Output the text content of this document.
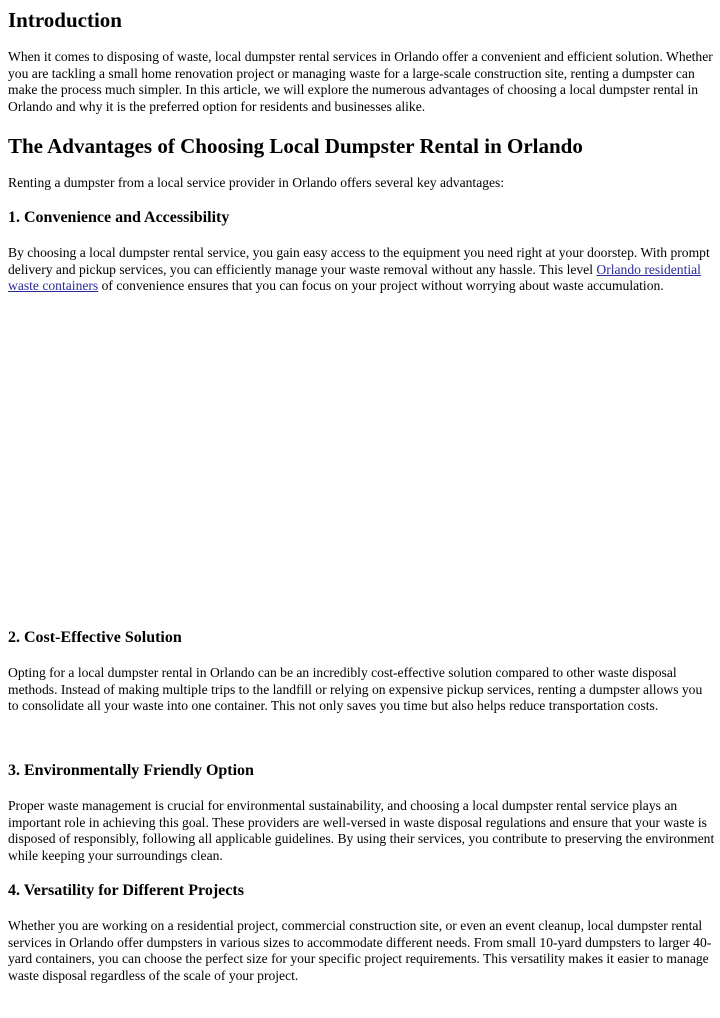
Introduction

When it comes to disposing of waste, local dumpster rental services in Orlando offer a convenient and efficient solution. Whether you are tackling a small home renovation project or managing waste for a large-scale construction site, renting a dumpster can make the process much simpler. In this article, we will explore the numerous advantages of choosing a local dumpster rental in Orlando and why it is the preferred option for residents and businesses alike.

The Advantages of Choosing Local Dumpster Rental in Orlando

Renting a dumpster from a local service provider in Orlando offers several key advantages:

1. Convenience and Accessibility

By choosing a local dumpster rental service, you gain easy access to the equipment you need right at your doorstep. With prompt delivery and pickup services, you can efficiently manage your waste removal without any hassle. This level Orlando residential waste containers of convenience ensures that you can focus on your project without worrying about waste accumulation.

2. Cost-Effective Solution

Opting for a local dumpster rental in Orlando can be an incredibly cost-effective solution compared to other waste disposal methods. Instead of making multiple trips to the landfill or relying on expensive pickup services, renting a dumpster allows you to consolidate all your waste into one container. This not only saves you time but also helps reduce transportation costs.

3. Environmentally Friendly Option

Proper waste management is crucial for environmental sustainability, and choosing a local dumpster rental service plays an important role in achieving this goal. These providers are well-versed in waste disposal regulations and ensure that your waste is disposed of responsibly, following all applicable guidelines. By using their services, you contribute to preserving the environment while keeping your surroundings clean.

4. Versatility for Different Projects

Whether you are working on a residential project, commercial construction site, or even an event cleanup, local dumpster rental services in Orlando offer dumpsters in various sizes to accommodate different needs. From small 10-yard dumpsters to larger 40-yard containers, you can choose the perfect size for your specific project requirements. This versatility makes it easier to manage waste disposal regardless of the scale of your project.
